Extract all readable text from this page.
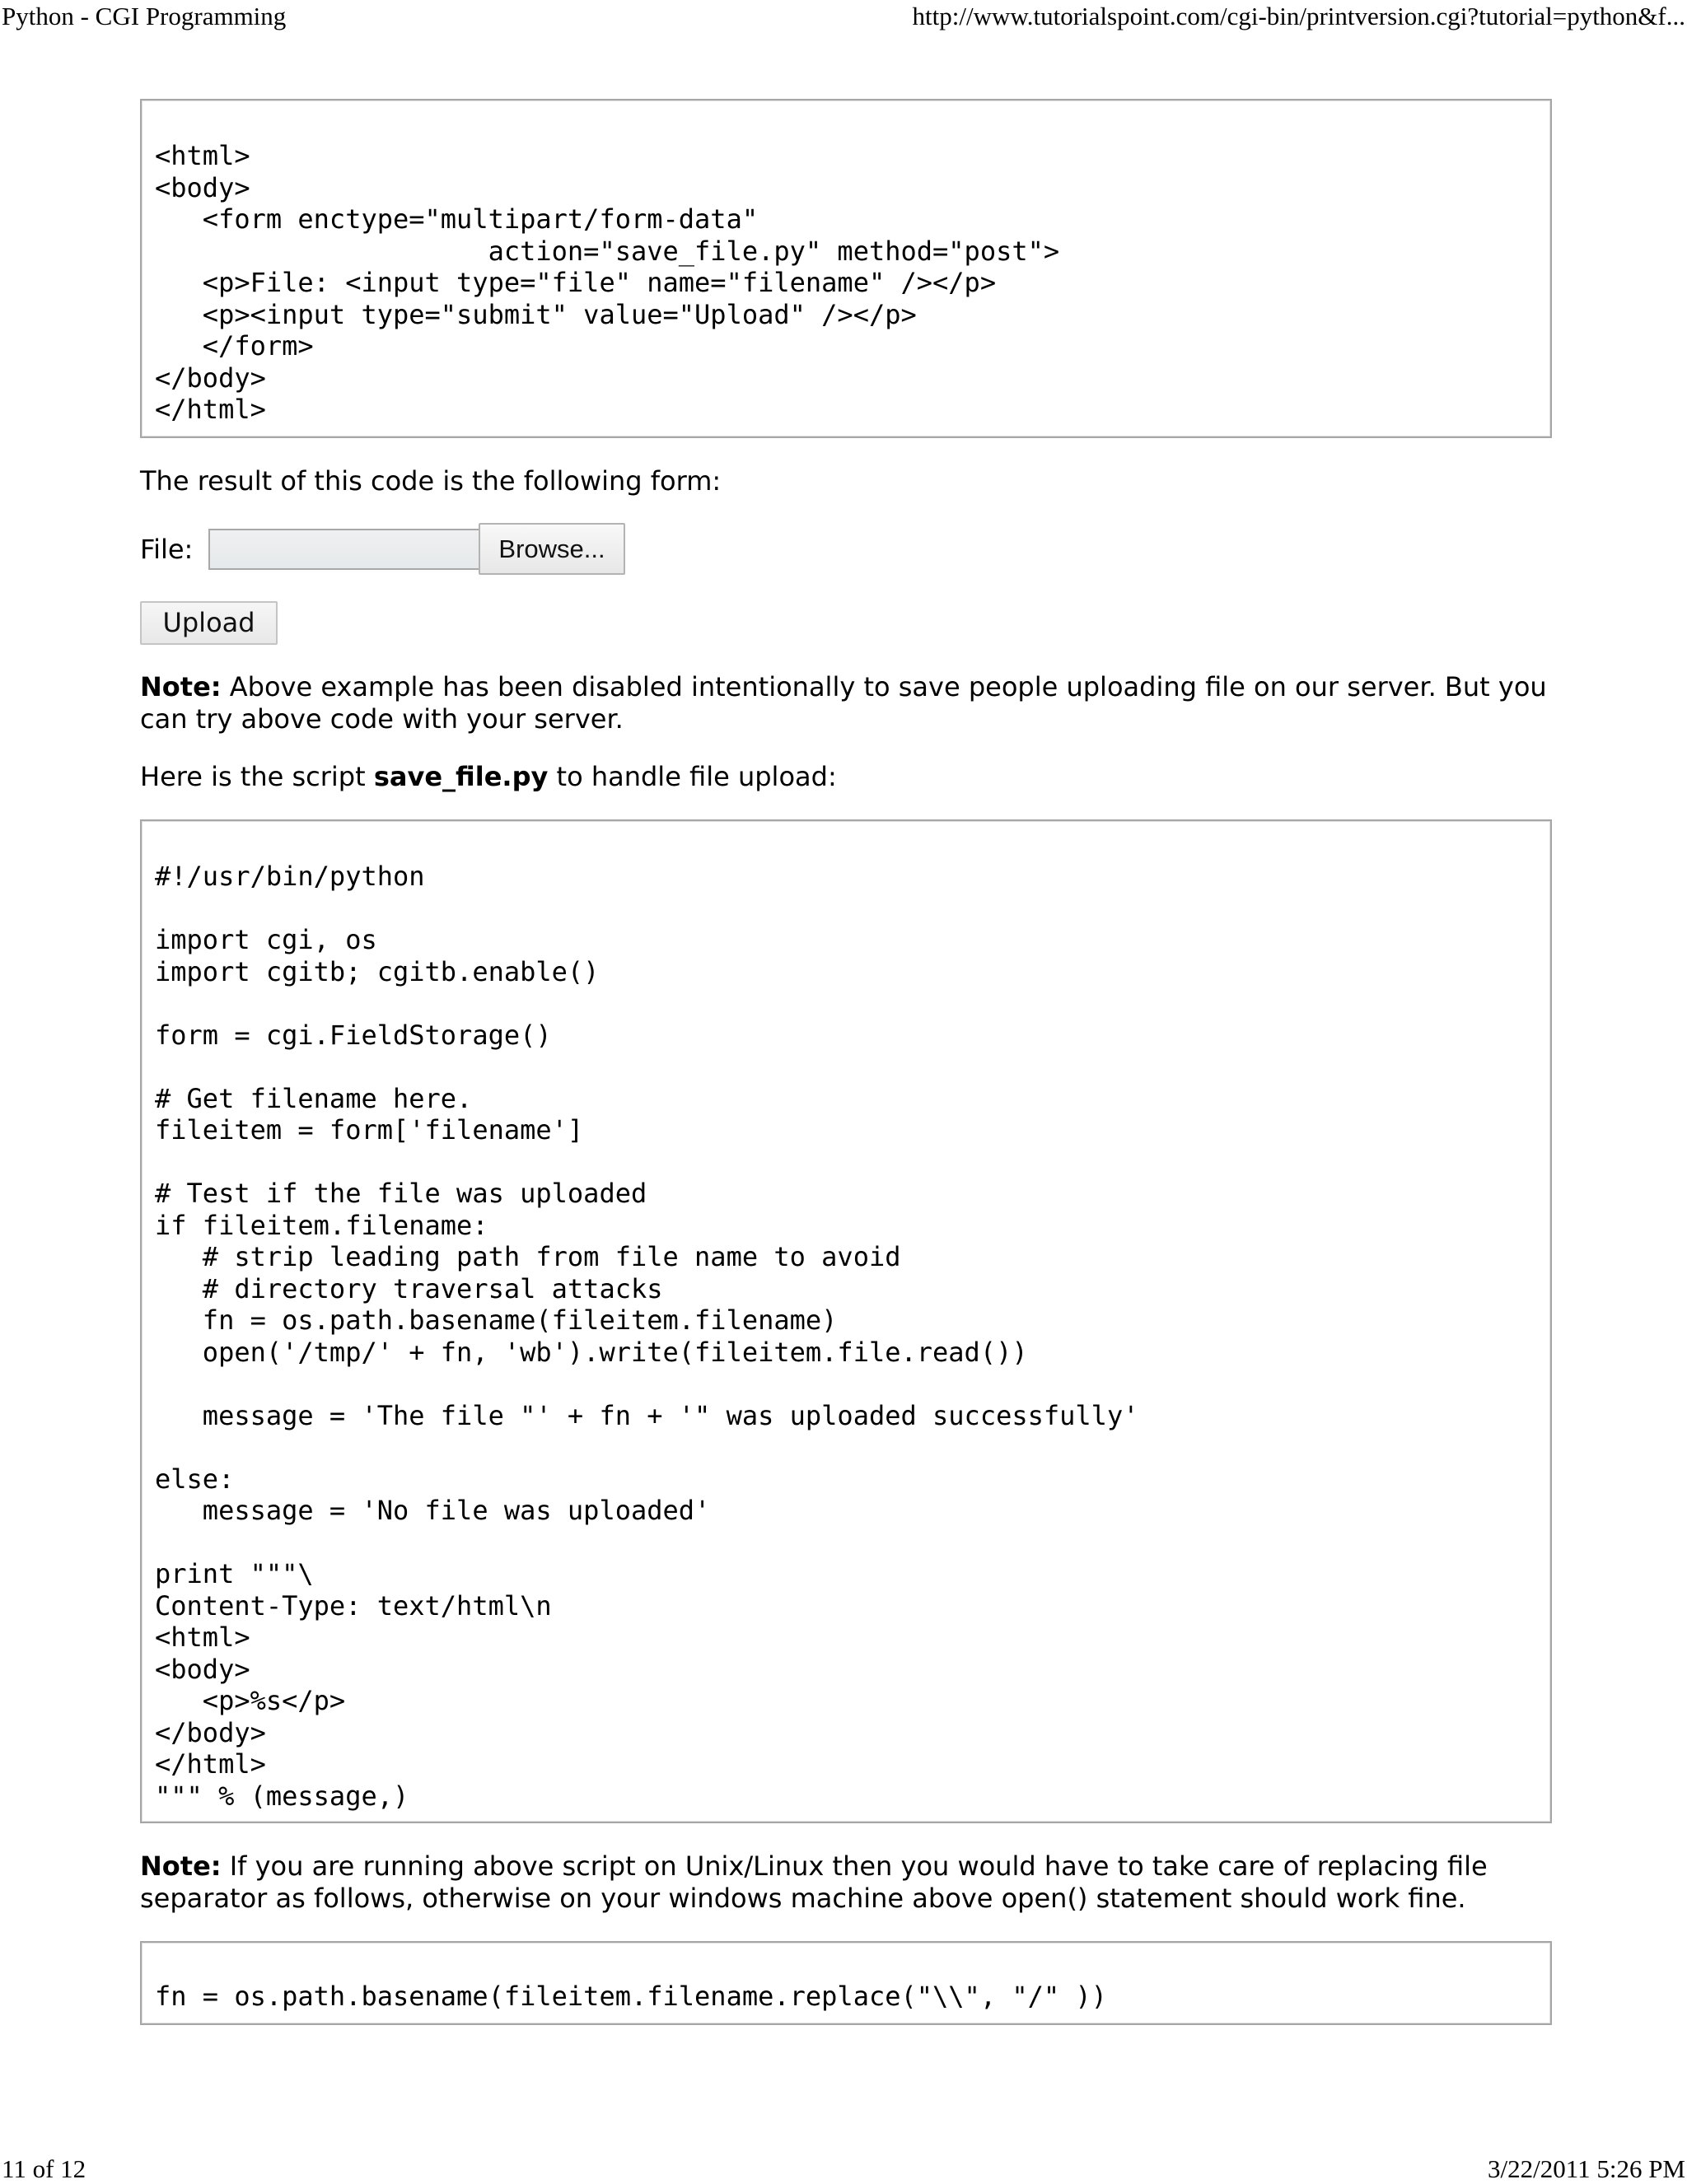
Python - CGI Programming	http://www.tutorialspoint.com/cgi-bin/printversion.cgi?tutorial=python&f...
<html>
<body>
<form enctype="multipart/form-data"
action="save_file.py" method="post">
<p>File: <input type="file" name="filename" /></p>
<p><input type="submit" value="Upload" /></p>
</form>
</body>
</html>
The result of this code is the following form:
File:	Browse...
Upload
Note: Above example has been disabled intentionally to save people uploading file on our server. But you can try above code with your server.
Here is the script save_file.py to handle file upload:
#!/usr/bin/python

import cgi, os
import cgitb; cgitb.enable()

form = cgi.FieldStorage()

# Get filename here.
fileitem = form['filename']

# Test if the file was uploaded
if fileitem.filename:
# strip leading path from file name to avoid
# directory traversal attacks
fn = os.path.basename(fileitem.filename)
open('/tmp/' + fn, 'wb').write(fileitem.file.read())

message = 'The file "' + fn + '" was uploaded successfully'

else:
message = 'No file was uploaded'

print """\
Content-Type: text/html\n
<html>
<body>
<p>%s</p>
</body>
</html>
""" % (message,)
Note: If you are running above script on Unix/Linux then you would have to take care of replacing file separator as follows, otherwise on your windows machine above open() statement should work fine.
fn = os.path.basename(fileitem.filename.replace("\\", "/" ))
11 of 12	3/22/2011 5:26 PM
